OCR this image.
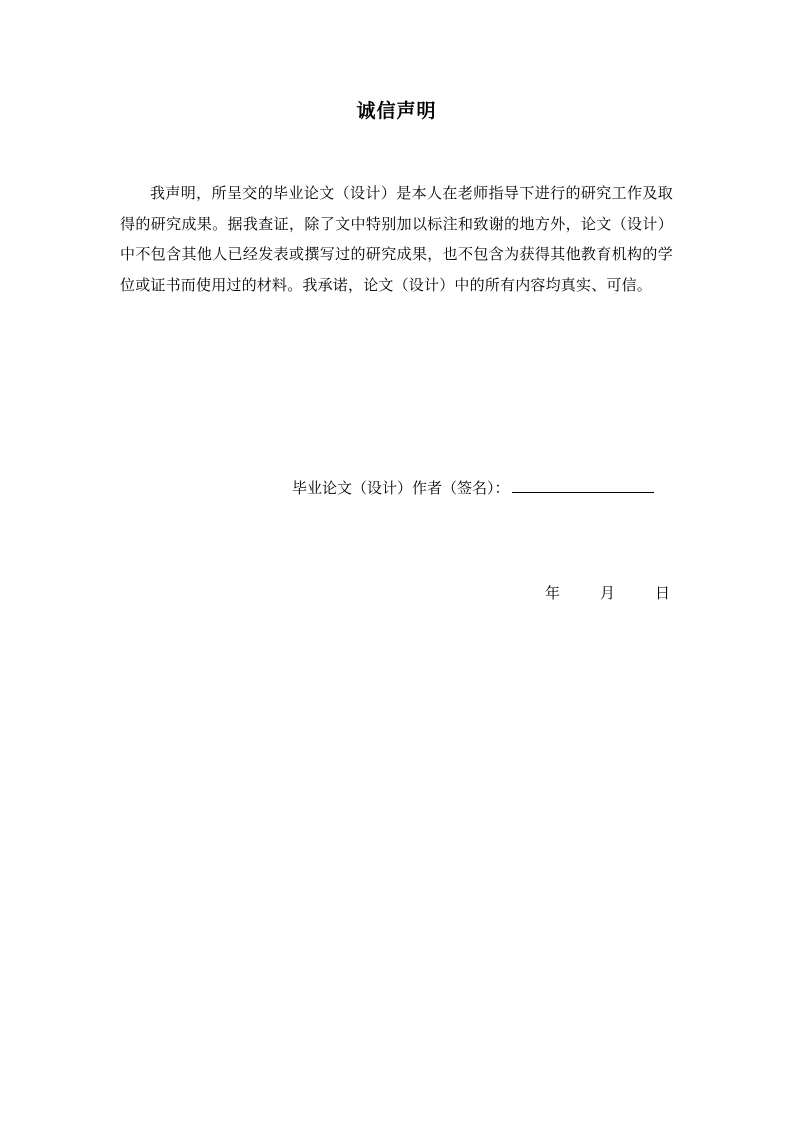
诚信声明

我声明，所呈交的毕业论文（设计）是本人在老师指导下进行的研究工作及取得的研究成果。据我查证，除了文中特别加以标注和致谢的地方外，论文（设计）中不包含其他人已经发表或撰写过的研究成果，也不包含为获得其他教育机构的学位或证书而使用过的材料。我承诺，论文（设计）中的所有内容均真实、可信。

毕业论文（设计）作者（签名）：
年	月	日
